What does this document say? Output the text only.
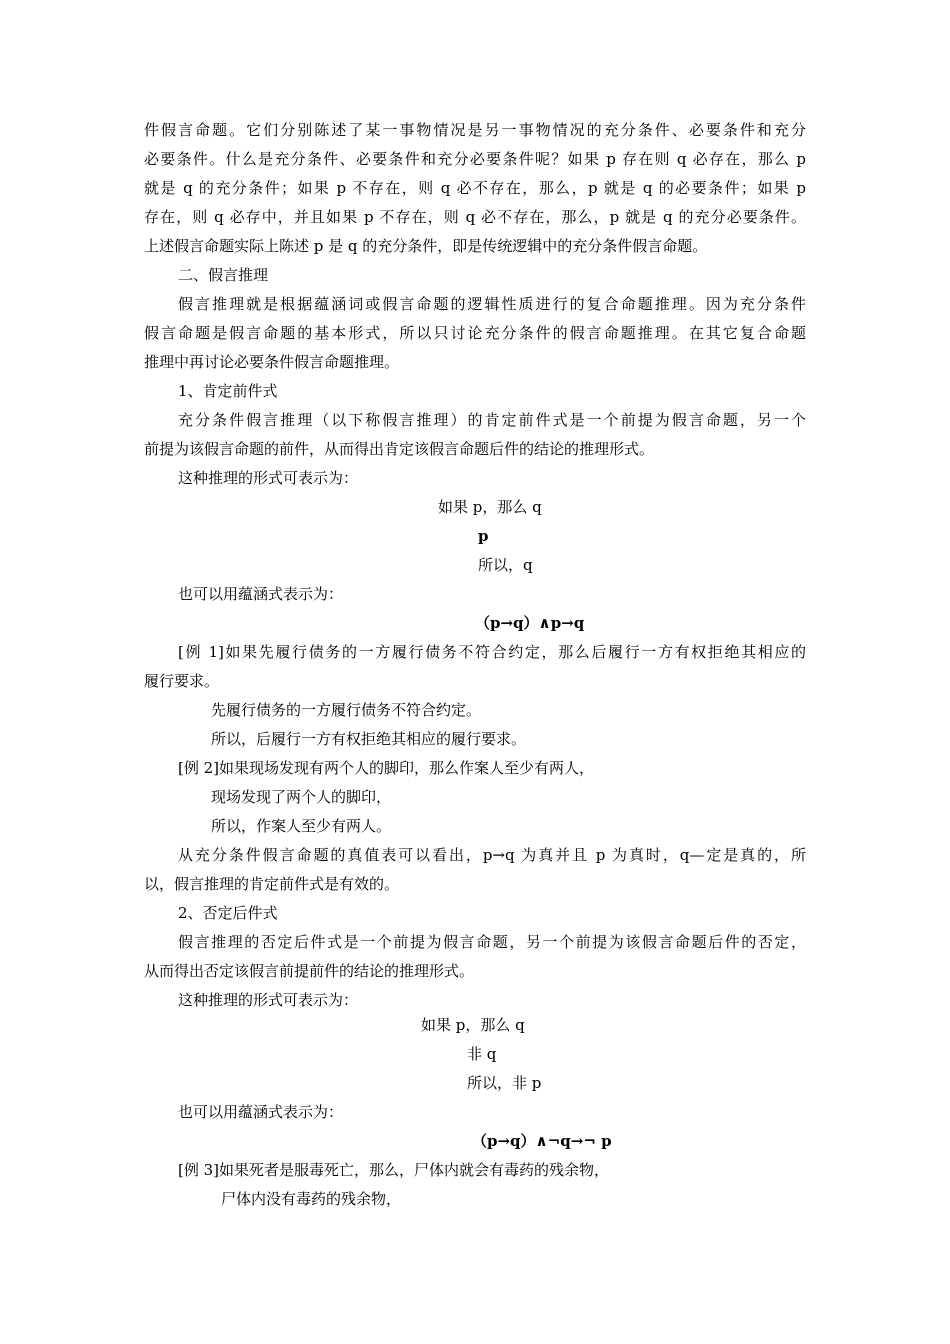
件假言命题。它们分别陈述了某一事物情况是另一事物情况的充分条件、必要条件和充分
必要条件。什么是充分条件、必要条件和充分必要条件呢？如果 p 存在则 q 必存在，那么 p
就是 q 的充分条件；如果 p 不存在，则 q 必不存在，那么，p 就是 q 的必要条件；如果 p
存在，则 q 必存中，并且如果 p 不存在，则 q 必不存在，那么，p 就是 q 的充分必要条件。
上述假言命题实际上陈述 p 是 q 的充分条件，即是传统逻辑中的充分条件假言命题。
二、假言推理
假言推理就是根据蕴涵词或假言命题的逻辑性质进行的复合命题推理。因为充分条件
假言命题是假言命题的基本形式，所以只讨论充分条件的假言命题推理。在其它复合命题
推理中再讨论必要条件假言命题推理。
1、肯定前件式
充分条件假言推理（以下称假言推理）的肯定前件式是一个前提为假言命题，另一个
前提为该假言命题的前件，从而得出肯定该假言命题后件的结论的推理形式。
这种推理的形式可表示为：
如果 p，那么 q
p
所以，q
也可以用蕴涵式表示为：
（p→q）∧p→q
[例 1]如果先履行债务的一方履行债务不符合约定，那么后履行一方有权拒绝其相应的
履行要求。
先履行债务的一方履行债务不符合约定。
所以，后履行一方有权拒绝其相应的履行要求。
[例 2]如果现场发现有两个人的脚印，那么作案人至少有两人，
现场发现了两个人的脚印，
所以，作案人至少有两人。
从充分条件假言命题的真值表可以看出，p→q 为真并且 p 为真时，q—定是真的，所
以，假言推理的肯定前件式是有效的。
2、否定后件式
假言推理的否定后件式是一个前提为假言命题，另一个前提为该假言命题后件的否定，
从而得出否定该假言前提前件的结论的推理形式。
这种推理的形式可表示为：
如果 p，那么 q
非 q
所以，非 p
也可以用蕴涵式表示为：
（p→q）∧¬q→¬ p
[例 3]如果死者是服毒死亡，那么，尸体内就会有毒药的残余物，
尸体内没有毒药的残余物，
